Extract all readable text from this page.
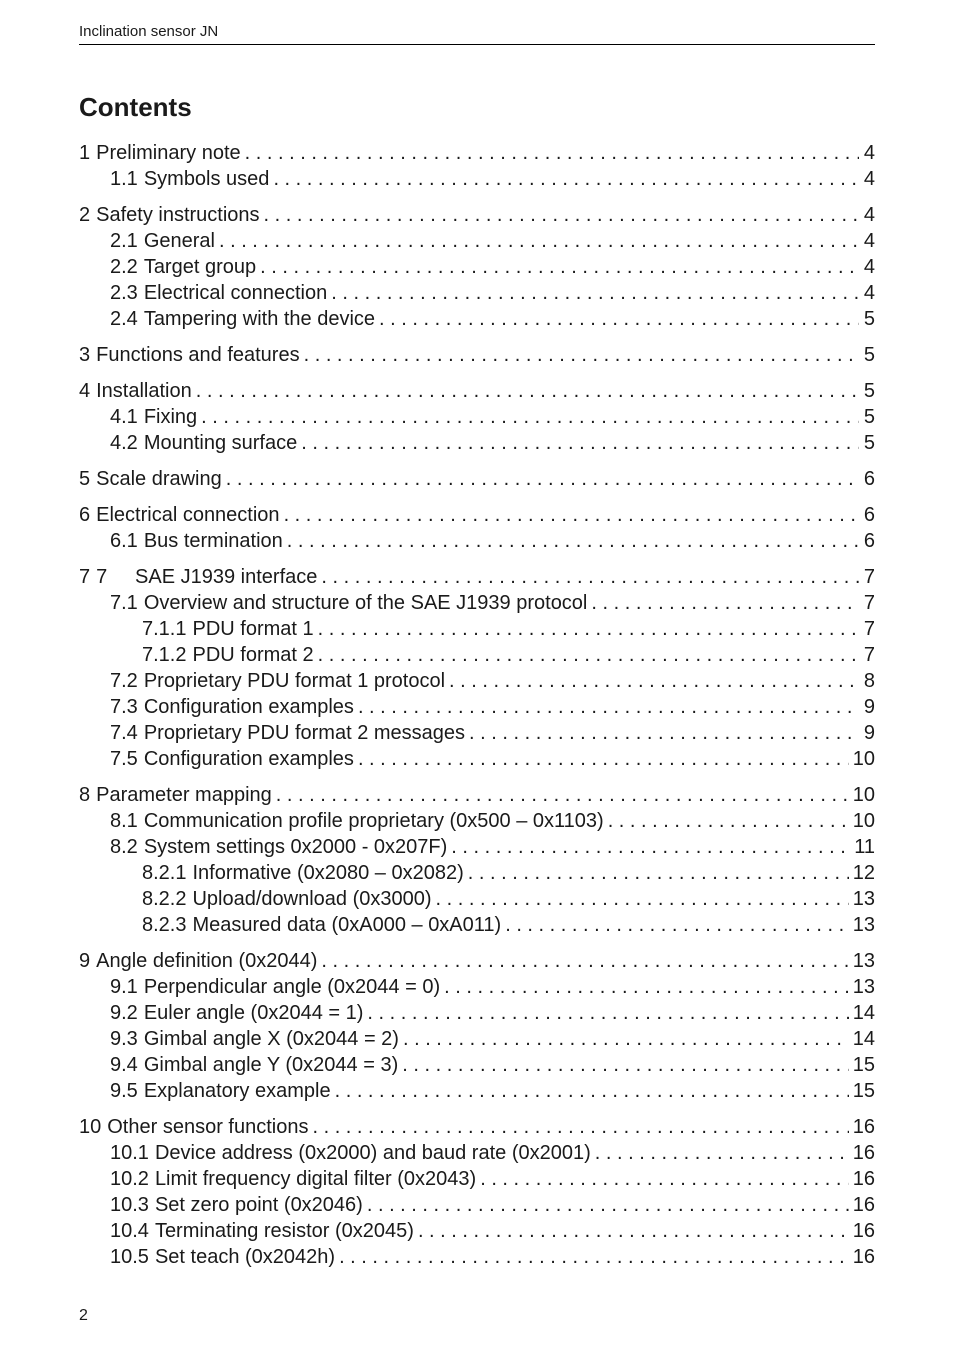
Inclination sensor JN
Contents
1 Preliminary note . . .	4
1.1 Symbols used . . .	4
2 Safety instructions . . .	4
2.1 General . . .	4
2.2 Target group . . .	4
2.3 Electrical connection . . .	4
2.4 Tampering with the device . . .	5
3 Functions and features . . .	5
4 Installation . . .	5
4.1 Fixing . . .	5
4.2 Mounting surface . . .	5
5 Scale drawing . . .	6
6 Electrical connection . . .	6
6.1 Bus termination . . .	6
7 7     SAE J1939 interface . . .	7
7.1 Overview and structure of the SAE J1939 protocol . . .	7
7.1.1 PDU format 1 . . .	7
7.1.2 PDU format 2 . . .	7
7.2 Proprietary PDU format 1 protocol . . .	8
7.3 Configuration examples . . .	9
7.4 Proprietary PDU format 2 messages . . .	9
7.5 Configuration examples . . .	10
8 Parameter mapping . . .	10
8.1 Communication profile proprietary (0x500 – 0x1103) . . .	10
8.2 System settings 0x2000 - 0x207F) . . .	11
8.2.1 Informative (0x2080 – 0x2082) . . .	12
8.2.2 Upload/download (0x3000) . . .	13
8.2.3 Measured data (0xA000 – 0xA011) . . .	13
9 Angle definition (0x2044) . . .	13
9.1 Perpendicular angle (0x2044 = 0) . . .	13
9.2 Euler angle (0x2044 = 1) . . .	14
9.3 Gimbal angle X (0x2044 = 2) . . .	14
9.4 Gimbal angle Y (0x2044 = 3) . . .	15
9.5 Explanatory example . . .	15
10 Other sensor functions . . .	16
10.1 Device address (0x2000) and baud rate (0x2001) . . .	16
10.2 Limit frequency digital filter (0x2043) . . .	16
10.3 Set zero point (0x2046) . . .	16
10.4 Terminating resistor (0x2045) . . .	16
10.5 Set teach (0x2042h) . . .	16
2
